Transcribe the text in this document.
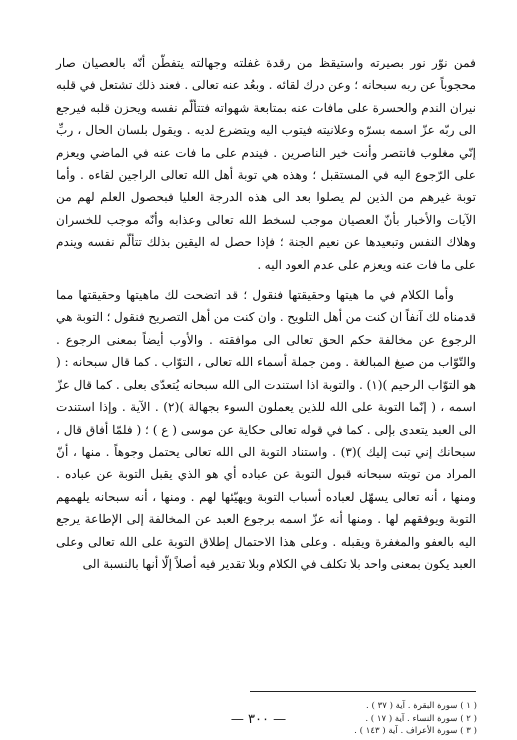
فمن نوّر نور بصيرته واستيقظ من رقدة غفلته وجهالته يتفطّن أنّه بالعصيان صار محجوباً عن ربه سبحانه ؛ وعن درك لقائه . وبعُد عنه تعالى . فعند ذلك تشتعل في قلبه نيران الندم والحسرة على مافات عنه بمتابعة شهواته فتتألّم نفسه ويحزن قلبه فيرجع الى ربّه عزّ اسمه بسرّه وعلانيته فيتوب اليه ويتضرع لديه . ويقول بلسان الحال ، ربِّ إنّي مغلوب فانتصر وأنت خير الناصرين . فيندم على ما فات عنه في الماضي ويعزم على الرّجوع اليه في المستقبل ؛ وهذه هي توبة أهل الله تعالى الراجين لقاءه . وأما توبة غيرهم من الذين لم يصلوا بعد الى هذه الدرجة العليا فبحصول العلم لهم من الآيات والأخبار بأنّ العصيان موجب لسخط الله تعالى وعذابه وأنّه موجب للخسران وهلاك النفس وتبعيدها عن نعيم الجنة ؛ فإذا حصل له اليقين بذلك تتألّم نفسه ويندم على ما فات عنه ويعزم على عدم العود اليه .

وأما الكلام في ما هيتها وحقيقتها فنقول ؛ قد اتضحت لك ماهيتها وحقيقتها مما قدمناه لك آنفاً ان كنت من أهل التلويح . وان كنت من أهل التصريح فنقول ؛ التوبة هي الرجوع عن مخالفة حكم الحق تعالى الى موافقته . والأوب أيضاً بمعنى الرجوع . والتّوّاب من صيغ المبالغة . ومن جملة أسماء الله تعالى ، التوّاب . كما قال سبحانه : ( هو التوّاب الرحيم )(١) . والتوبة اذا استندت الى الله سبحانه يُتعدّى بعلى . كما قال عزّ اسمه ، ( إنّما التوبة على الله للذين يعملون السوء بجهالة )(٢) . الآية . وإذا استندت الى العبد يتعدى بإلى . كما في قوله تعالى حكاية عن موسى ( ع ) ؛ ( فلمّا أفاق قال ، سبحانك إني تبت إليك )(٣) . واستناد التوبة الى الله تعالى يحتمل وجوهاً . منها ، أنّ المراد من توبته سبحانه قبول التوبة عن عباده أي هو الذي يقبل التوبة عن عباده . ومنها ، أنه تعالى يسهّل لعباده أسباب التوبة ويهيّئها لهم . ومنها ، أنه سبحانه يلهمهم التوبة ويوفقهم لها . ومنها أنه عزّ اسمه برجوع العبد عن المخالفة إلى الإطاعة يرجع اليه بالعفو والمغفرة ويقبله . وعلى هذا الاحتمال إطلاق التوبة على الله تعالى وعلى العبد يكون بمعنى واحد بلا تكلف في الكلام وبلا تقدير فيه أصلاً إلّا أنها بالنسبة الى

( ١ ) سورة البقرة . آية ( ٣٧ ) .

( ٢ ) سورة النساء . آية ( ١٧ ) .

( ٣ ) سورة الأعراف . آية ( ١٤٣ ) .

— ٣٠٠ —
